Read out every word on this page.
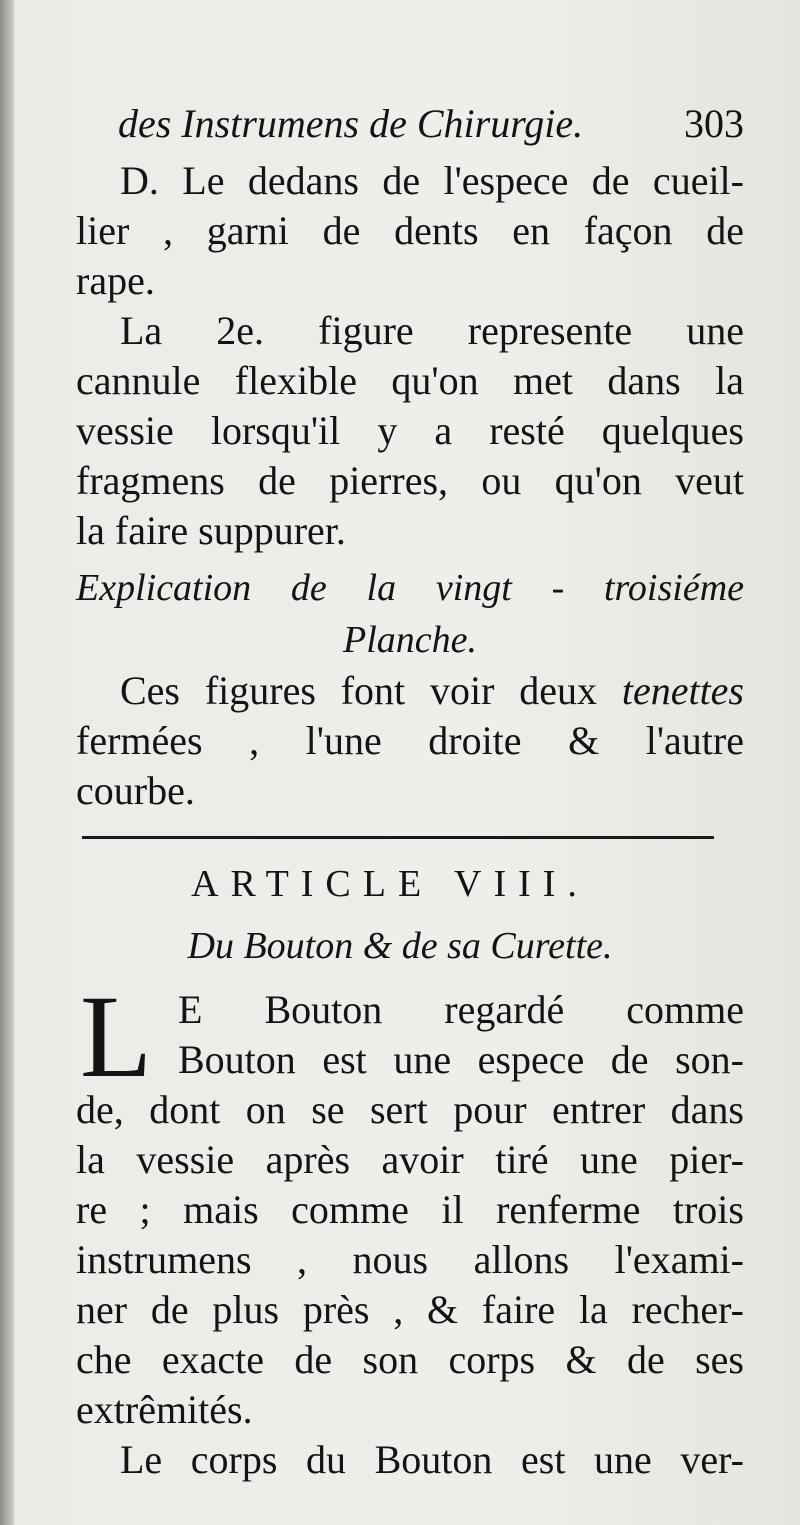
des Instrumens de Chirurgie.	303
D. Le dedans de l'espece de cueil-
lier , garni de dents en façon de
rape.
La 2e. figure represente une
cannule flexible qu'on met dans la
vessie lorsqu'il y a resté quelques
fragmens de pierres, ou qu'on veut
la faire suppurer.
Explication de la vingt - troisiéme
Planche.
Ces figures font voir deux tenettes
fermées , l'une droite & l'autre
courbe.
ARTICLE VIII.
Du Bouton & de sa Curette.
L E Bouton regardé comme
Bouton est une espece de son-
de, dont on se sert pour entrer dans
la vessie après avoir tiré une pier-
re ; mais comme il renferme trois
instrumens , nous allons l'exami-
ner de plus près , & faire la recher-
che exacte de son corps & de ses
extrêmités.
Le corps du Bouton est une ver-
